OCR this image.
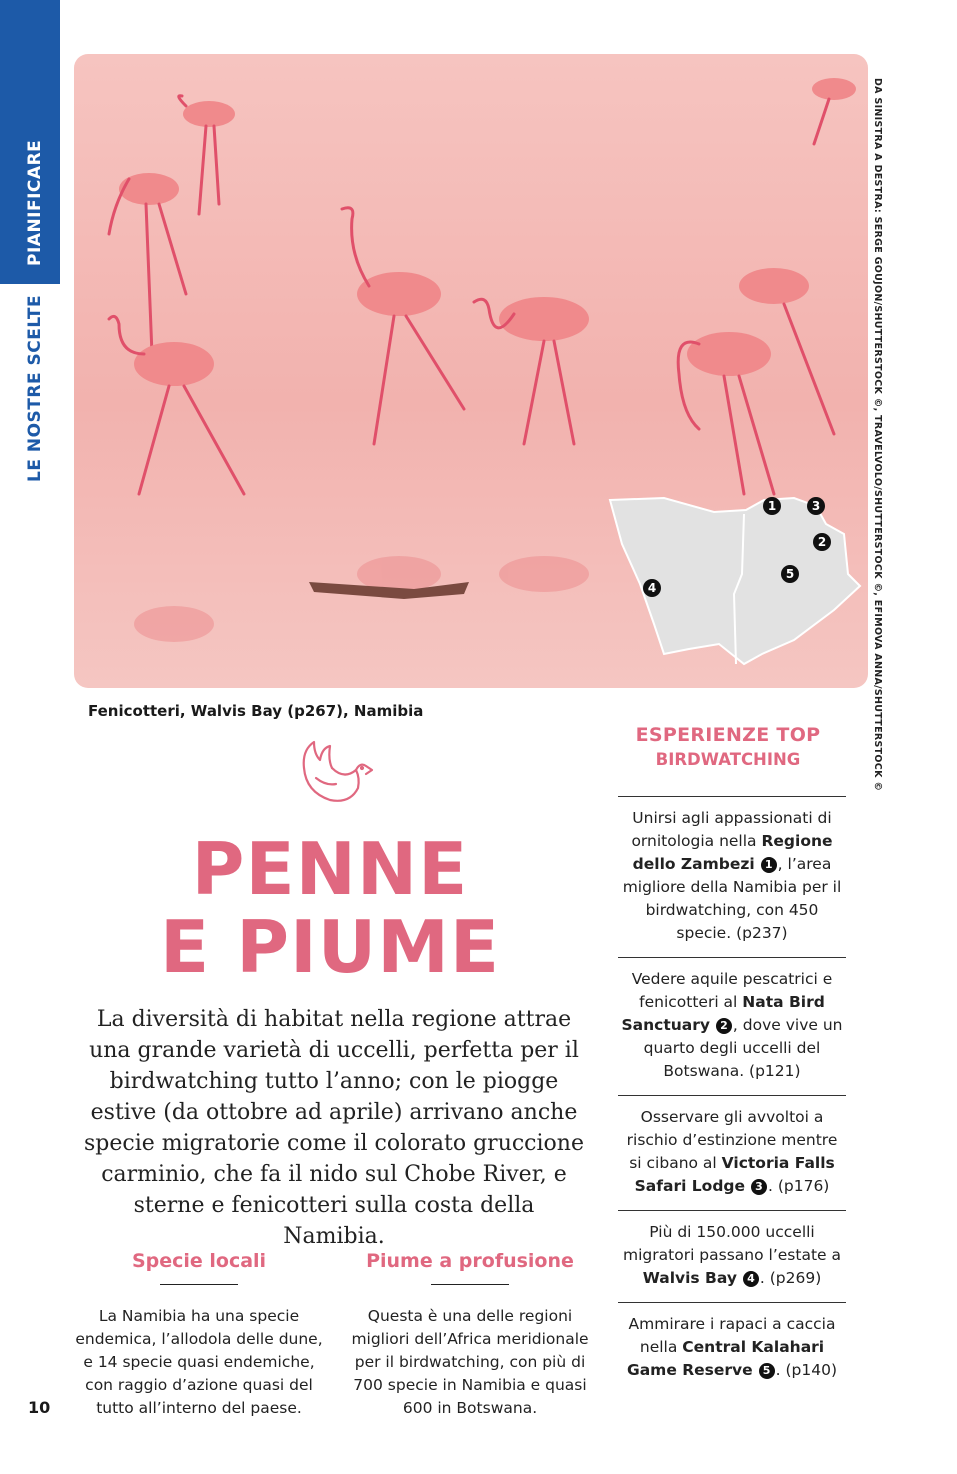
PIANIFICARE
LE NOSTRE SCELTE
1
2
3
4
5	DA SINISTRA A DESTRA: SERGE GOUJON/SHUTTERSTOCK ©, TRAVELVOLO/SHUTTERSTOCK ©, EFIMOVA ANNA/SHUTTERSTOCK ©
Fenicotteri, Walvis Bay (p267), Namibia
PENNE
E PIUME
La diversità di habitat nella regione attrae una grande varietà di uccelli, perfetta per il birdwatching tutto l’anno; con le piogge estive (da ottobre ad aprile) arrivano anche specie migratorie come il colorato gruccione carminio, che fa il nido sul Chobe River, e sterne e fenicotteri sulla costa della Namibia.
Specie locali

La Namibia ha una specie endemica, l’allodola delle dune, e 14 specie quasi endemiche, con raggio d’azione quasi del tutto all’interno del paese.

Piume a profusione

Questa è una delle regioni migliori dell’Africa meridionale per il birdwatching, con più di 700 specie in Namibia e quasi 600 in Botswana.

10
ESPERIENZE TOP
BIRDWATCHING
Unirsi agli appassionati di ornitologia nella Regione dello Zambezi 1 , l’area migliore della Namibia per il birdwatching, con 450 specie. (p237)
Vedere aquile pescatrici e fenicotteri al Nata Bird Sanctuary 2 , dove vive un quarto degli uccelli del Botswana. (p121)
Osservare gli avvoltoi a rischio d’estinzione mentre si cibano al Victoria Falls Safari Lodge 3 . (p176)
Più di 150.000 uccelli migratori passano l’estate a Walvis Bay 4 . (p269)
Ammirare i rapaci a caccia nella Central Kalahari Game Reserve 5 . (p140)
